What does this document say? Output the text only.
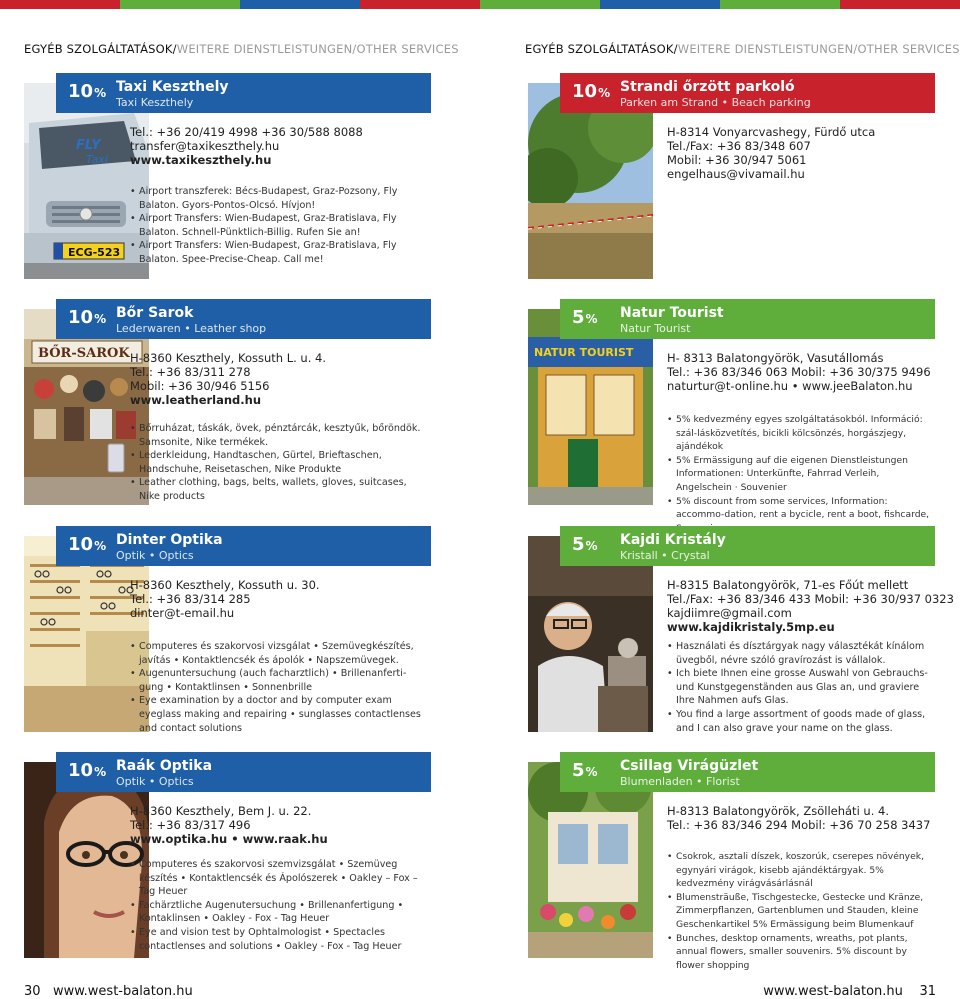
EGYÉB SZOLGÁLTATÁSOK/WEITERE DIENSTLEISTUNGEN/OTHER SERVICES	EGYÉB SZOLGÁLTATÁSOK/WEITERE DIENSTLEISTUNGEN/OTHER SERVICES
FLY
Taxi
ECG-523
10% Taxi Keszthely
Taxi Keszthely
Tel.: +36 20/419 4998 +36 30/588 8088
transfer@taxikeszthely.hu
www.taxikeszthely.hu
• Airport transzferek: Bécs-Budapest, Graz-Pozsony, Fly Balaton. Gyors-Pontos-Olcsó. Hívjon!
• Airport Transfers: Wien-Budapest, Graz-Bratislava, Fly Balaton. Schnell-Pünktlich-Billig. Rufen Sie an!
• Airport Transfers: Wien-Budapest, Graz-Bratislava, Fly Balaton. Spee-Precise-Cheap. Call me!
BŐR-SAROK
10% Bőr Sarok
Lederwaren • Leather shop
H-8360 Keszthely, Kossuth L. u. 4.
Tel.: +36 83/311 278
Mobil: +36 30/946 5156
www.leatherland.hu
• Bőrruházat, táskák, övek, pénztárcák, kesztyűk, bőröndök. Samsonite, Nike termékek.
• Lederkleidung, Handtaschen, Gürtel, Brieftaschen, Handschuhe, Reisetaschen, Nike Produkte
• Leather clothing, bags, belts, wallets, gloves, suitcases, Nike products
10% Dinter Optika
Optik • Optics
H-8360 Keszthely, Kossuth u. 30.
Tel.: +36 83/314 285
dinter@t-email.hu
• Computeres és szakorvosi vizsgálat • Szemüvegkészítés, javítás • Kontaktlencsék és ápolók • Napszemüvegek.
• Augenuntersuchung (auch facharztlich) • Brillenanferti-gung • Kontaktlinsen • Sonnenbrille
• Eye examination by a doctor and by computer exam eyeglass making and repairing • sunglasses contactlenses and contact solutions
10% Raák Optika
Optik • Optics
H-8360 Keszthely, Bem J. u. 22.
Tel.: +36 83/317 496
www.optika.hu • www.raak.hu
• Computeres és szakorvosi szemvizsgálat • Szemüveg készítés • Kontaktlencsék és Ápolószerek • Oakley – Fox – Tag Heuer
• Fachärztliche Augenutersuchung • Brillenanfertigung • Kontaklinsen • Oakley - Fox - Tag Heuer
• Eye and vision test by Ophtalmologist • Spectacles contactlenses and solutions • Oakley - Fox - Tag Heuer
10% Strandi őrzött parkoló
Parken am Strand • Beach parking
H-8314 Vonyarcvashegy, Fürdő utca
Tel./Fax: +36 83/348 607
Mobil: +36 30/947 5061
engelhaus@vivamail.hu
NATUR TOURIST
5% Natur Tourist
Natur Tourist
H- 8313 Balatongyörök, Vasutállomás
Tel.: +36 83/346 063 Mobil: +36 30/375 9496
naturtur@t-online.hu • www.jeeBalaton.hu
• 5% kedvezmény egyes szolgáltatásokból. Információ: szál-lásközvetítés, bicikli kölcsönzés, horgászjegy, ajándékok
• 5% Ermässigung auf die eigenen Dienstleistungen Informationen: Unterkünfte, Fahrrad Verleih, Angelschein · Souvenier
• 5% discount from some services, Information: accommo-dation, rent a bycicle, rent a boot, fishcarde,
5% Kajdi Kristály
Kristall • Crystal
H-8315 Balatongyörök, 71-es Főút mellett
Tel./Fax: +36 83/346 433 Mobil: +36 30/937 0323
kajdiimre@gmail.com
www.kajdikristaly.5mp.eu
• Használati és dísztárgyak nagy választékát kínálom üvegből, névre szóló gravírozást is vállalok.
• Ich biete Ihnen eine grosse Auswahl von Gebrauchs-und Kunstgegenständen aus Glas an, und graviere Ihre Nahmen aufs Glas.
• You find a large assortment of goods made of glass, and I can also grave your name on the glass.
5% Csillag Virágüzlet
Blumenladen • Florist
H-8313 Balatongyörök, Zsölleháti u. 4.
Tel.: +36 83/346 294 Mobil: +36 70 258 3437
• Csokrok, asztali díszek, koszorúk, cserepes növények, egynyári virágok, kisebb ajándéktárgyak. 5% kedvezmény virágvásárlásnál
• Blumensträuße, Tischgestecke, Gestecke und Kränze, Zimmerpflanzen, Gartenblumen und Stauden, kleine Geschenkartikel 5% Ermässigung beim Blumenkauf
• Bunches, desktop ornaments, wreaths, pot plants, annual flowers, smaller souvenirs. 5% discount by flower shopping
30 www.west-balaton.hu	www.west-balaton.hu 31
